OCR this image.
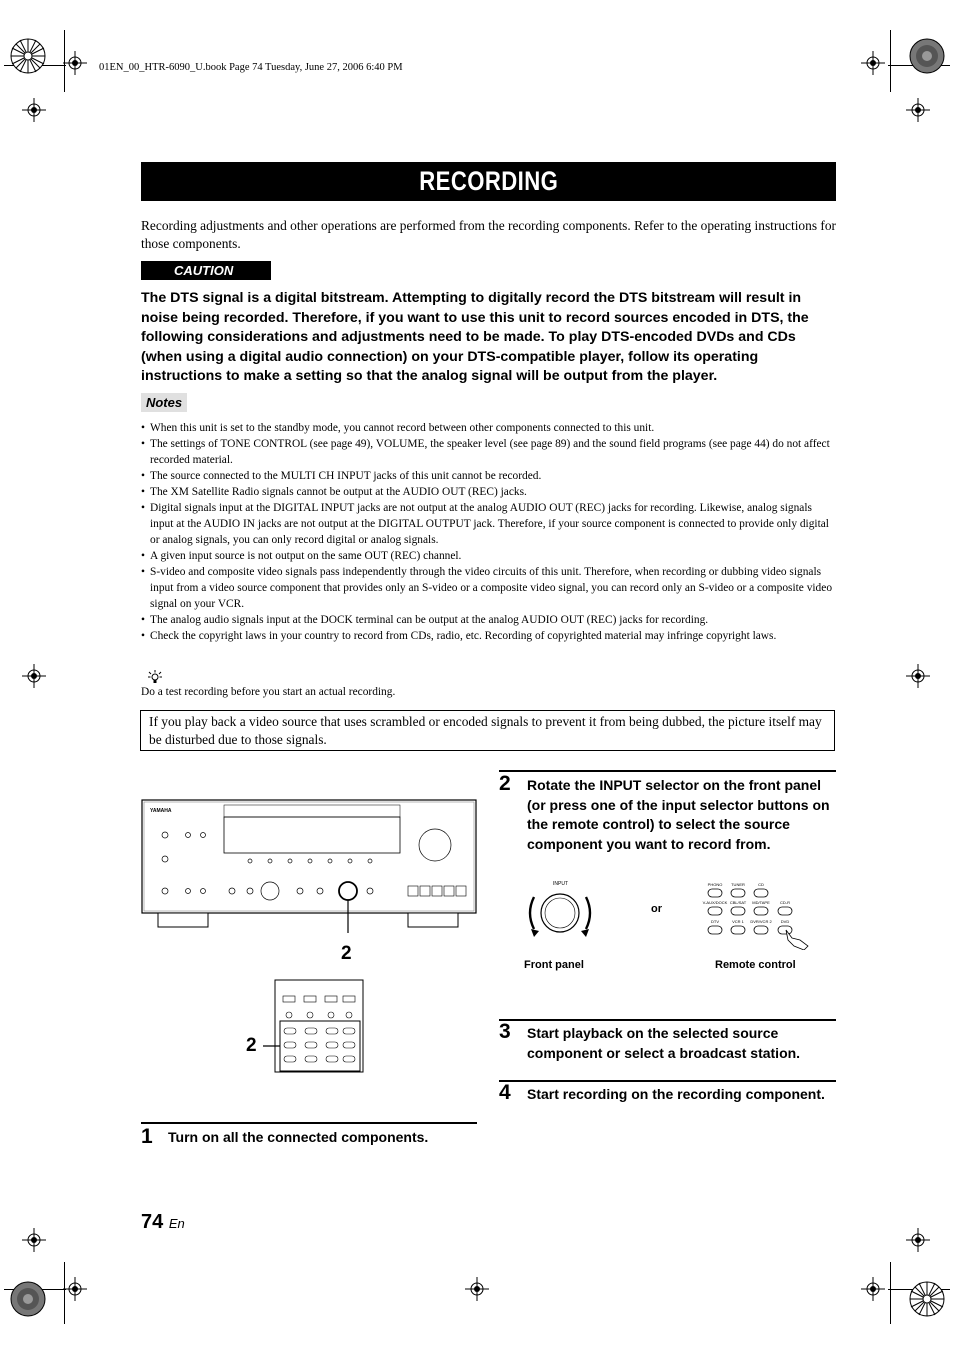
01EN_00_HTR-6090_U.book Page 74 Tuesday, June 27, 2006 6:40 PM
RECORDING
Recording adjustments and other operations are performed from the recording components. Refer to the operating instructions for those components.
CAUTION
The DTS signal is a digital bitstream. Attempting to digitally record the DTS bitstream will result in noise being recorded. Therefore, if you want to use this unit to record sources encoded in DTS, the following considerations and adjustments need to be made. To play DTS-encoded DVDs and CDs (when using a digital audio connection) on your DTS-compatible player, follow its operating instructions to make a setting so that the analog signal will be output from the player.
Notes
• When this unit is set to the standby mode, you cannot record between other components connected to this unit.
• The settings of TONE CONTROL (see page 49), VOLUME, the speaker level (see page 89) and the sound field programs (see page 44) do not affect recorded material.
• The source connected to the MULTI CH INPUT jacks of this unit cannot be recorded.
• The XM Satellite Radio signals cannot be output at the AUDIO OUT (REC) jacks.
• Digital signals input at the DIGITAL INPUT jacks are not output at the analog AUDIO OUT (REC) jacks for recording. Likewise, analog signals input at the AUDIO IN jacks are not output at the DIGITAL OUTPUT jack. Therefore, if your source component is connected to provide only digital or analog signals, you can only record digital or analog signals.
• A given input source is not output on the same OUT (REC) channel.
• S-video and composite video signals pass independently through the video circuits of this unit. Therefore, when recording or dubbing video signals input from a video source component that provides only an S-video or a composite video signal, you can record only an S-video or a composite video signal on your VCR.
• The analog audio signals input at the DOCK terminal can be output at the analog AUDIO OUT (REC) jacks for recording.
• Check the copyright laws in your country to record from CDs, radio, etc. Recording of copyrighted material may infringe copyright laws.
Do a test recording before you start an actual recording.
If you play back a video source that uses scrambled or encoded signals to prevent it from being dubbed, the picture itself may be disturbed due to those signals.
YAMAHA
2
2
1 Turn on all the connected components.
2 Rotate the INPUT selector on the front panel (or press one of the input selector buttons on the remote control) to select the source component you want to record from.
INPUT
or
PHONO TUNER	CD
V-AUX/DOCK CBL/SAT MD/TAPE	CD-R
DTV	VCR 1 DVR/VCR 2 DVD
Front panel	Remote control
3 Start playback on the selected source component or select a broadcast station.
4 Start recording on the recording component.
74 En
